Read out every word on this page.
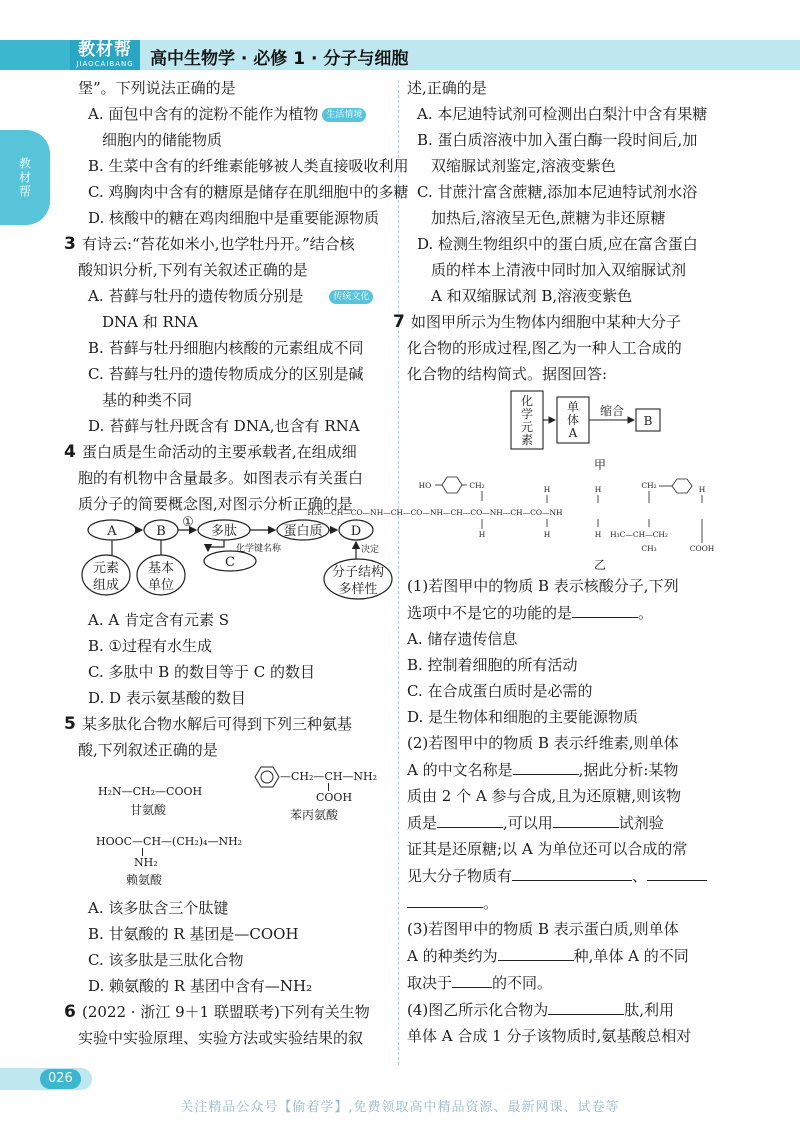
教材帮
JIAOCAIBANG 高中生物学 · 必修 1 · 分子与细胞
教材帮
堡”。下列说法正确的是
A. 面包中含有的淀粉不能作为植物 生活情境
细胞内的储能物质
B. 生菜中含有的纤维素能够被人类直接吸收利用
C. 鸡胸肉中含有的糖原是储存在肌细胞中的多糖
D. 核酸中的糖在鸡肉细胞中是重要能源物质
3 有诗云:“苔花如米小,也学牡丹开。”结合核
酸知识分析,下列有关叙述正确的是
A. 苔藓与牡丹的遗传物质分别是	传统文化
DNA 和 RNA
B. 苔藓与牡丹细胞内核酸的元素组成不同
C. 苔藓与牡丹的遗传物质成分的区别是碱
基的种类不同
D. 苔藓与牡丹既含有 DNA,也含有 RNA
4 蛋白质是生命活动的主要承载者,在组成细
胞的有机物中含量最多。如图表示有关蛋白
质分子的简要概念图,对图示分析正确的是
A	B
①
多肽	蛋白质 D
C
元素
组成
基本
单位
分子结构
多样性
化学键名称	决定
A. A 肯定含有元素 S
B. ①过程有水生成
C. 多肽中 B 的数目等于 C 的数目
D. D 表示氨基酸的数目
5 某多肽化合物水解后可得到下列三种氨基
酸,下列叙述正确的是
H₂N—CH₂—COOH
甘氨酸
—CH₂—CH—NH₂
COOH
苯丙氨酸
HOOC—CH—(CH₂)₄—NH₂
NH₂
赖氨酸
A. 该多肽含三个肽键
B. 甘氨酸的 R 基团是—COOH
C. 该多肽是三肽化合物
D. 赖氨酸的 R 基团中含有—NH₂
6 (2022 · 浙江 9＋1 联盟联考)下列有关生物
实验中实验原理、实验方法或实验结果的叙
述,正确的是
A. 本尼迪特试剂可检测出白梨汁中含有果糖
B. 蛋白质溶液中加入蛋白酶一段时间后,加
双缩脲试剂鉴定,溶液变紫色
C. 甘蔗汁富含蔗糖,添加本尼迪特试剂水浴
加热后,溶液呈无色,蔗糖为非还原糖
D. 检测生物组织中的蛋白质,应在富含蛋白
质的样本上清液中同时加入双缩脲试剂
A 和双缩脲试剂 B,溶液变紫色
7 如图甲所示为生物体内细胞中某种大分子
化合物的形成过程,图乙为一种人工合成的
化合物的结构简式。据图回答:
化
学
元
素
单
体
A
缩合
B
甲
HO	CH₂
H₂N—CH—CO—NH—CH—CO—NH—CH—CO—NH—CH—CO—NH
H	H	CH₂	H
H	H	H H₃C—CH—CH₂
CH₃	COOH
乙
(1)若图甲中的物质 B 表示核酸分子,下列
选项中不是它的功能的是	。
A. 储存遗传信息
B. 控制着细胞的所有活动
C. 在合成蛋白质时是必需的
D. 是生物体和细胞的主要能源物质
(2)若图甲中的物质 B 表示纤维素,则单体
A 的中文名称是	,据此分析:某物
质由 2 个 A 参与合成,且为还原糖,则该物
质是	,可以用	试剂验
证其是还原糖;以 A 为单位还可以合成的常
见大分子物质有	、
。
(3)若图甲中的物质 B 表示蛋白质,则单体
A 的种类约为	种,单体 A 的不同
取决于	的不同。
(4)图乙所示化合物为	肽,利用
单体 A 合成 1 分子该物质时,氨基酸总相对
026
关注精品公众号【偷着学】,免费领取高中精品资源、最新网课、试卷等
